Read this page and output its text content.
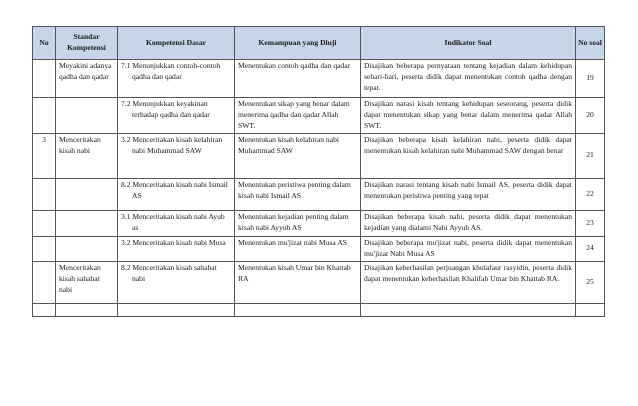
No	Standar Kompetensi	Kompetensi Dasar	Kemampuan yang Diuji	Indikator Soal	No soal
	Meyakini adanya qadha dan qadar	7.1 Menunjukkan contoh-contoh qadha dan qadar	Menentukan contoh qadha dan qadar	Disajikan beberapa pernyataan tentang kejadian dalam kehidupan sehari-hari, peserta didik dapat menentukan contoh qadha dengan tepat.	19

		7.2 Menunjukkan keyakinan terhadap qadha dan qadar	Menentukan sikap yang benar dalam menerima qadha dan qadar Allah SWT.	Disajikan narasi kisah tentang kehidupan seseorang, peserta didik dapat menentukan sikap yang benar dalam menerima qadar Allah SWT.	20
3	Menceritakan kisah nabi	3.2 Menceritakan kisah kelahiran nabi Muhammad SAW	Menentukan kisah kelahiran nabi Muhammad SAW	Disajikan beberapa kisah kelahiran nabi, peserta didik dapat menentukan kisah kelahiran nabi Muhammad SAW dengan benar	21

		8.2 Menceritakan kisah nabi Ismail AS	Menentukan peristiwa penting dalam kisah nabi Ismail AS	Disajikan narasi tentang kisah nabi Ismail AS, peserta didik dapat menentukan peristiwa penting yang tepat	22

		3.1 Menceritakan kisah nabi Ayub as	Menentukan kejadian penting dalam kisah nabi Ayyub AS	Disajikan beberapa kisah nabi, peserta didik dapat menentukan kejadian yang dialami Nabi Ayyub AS.	23

		3.2 Menceritakan kisah nabi Musa	Menentukan mu'jizat nabi Musa AS	Disajikan beberapa mu'jizat nabi, peserta didik dapat menentukan mu'jizat Nabi Musa AS	24
	Menceritakan kisah sahabat nabi	8.2 Menceritakan kisah sahabat nabi	Menentukan kisah Umar bin Khattab RA	Disajikan keberhasilan perjuangan khulafaur rasyidin, peserta didik dapat menentukan keberhasilan Khalifah Umar bin Khattab RA.	25
